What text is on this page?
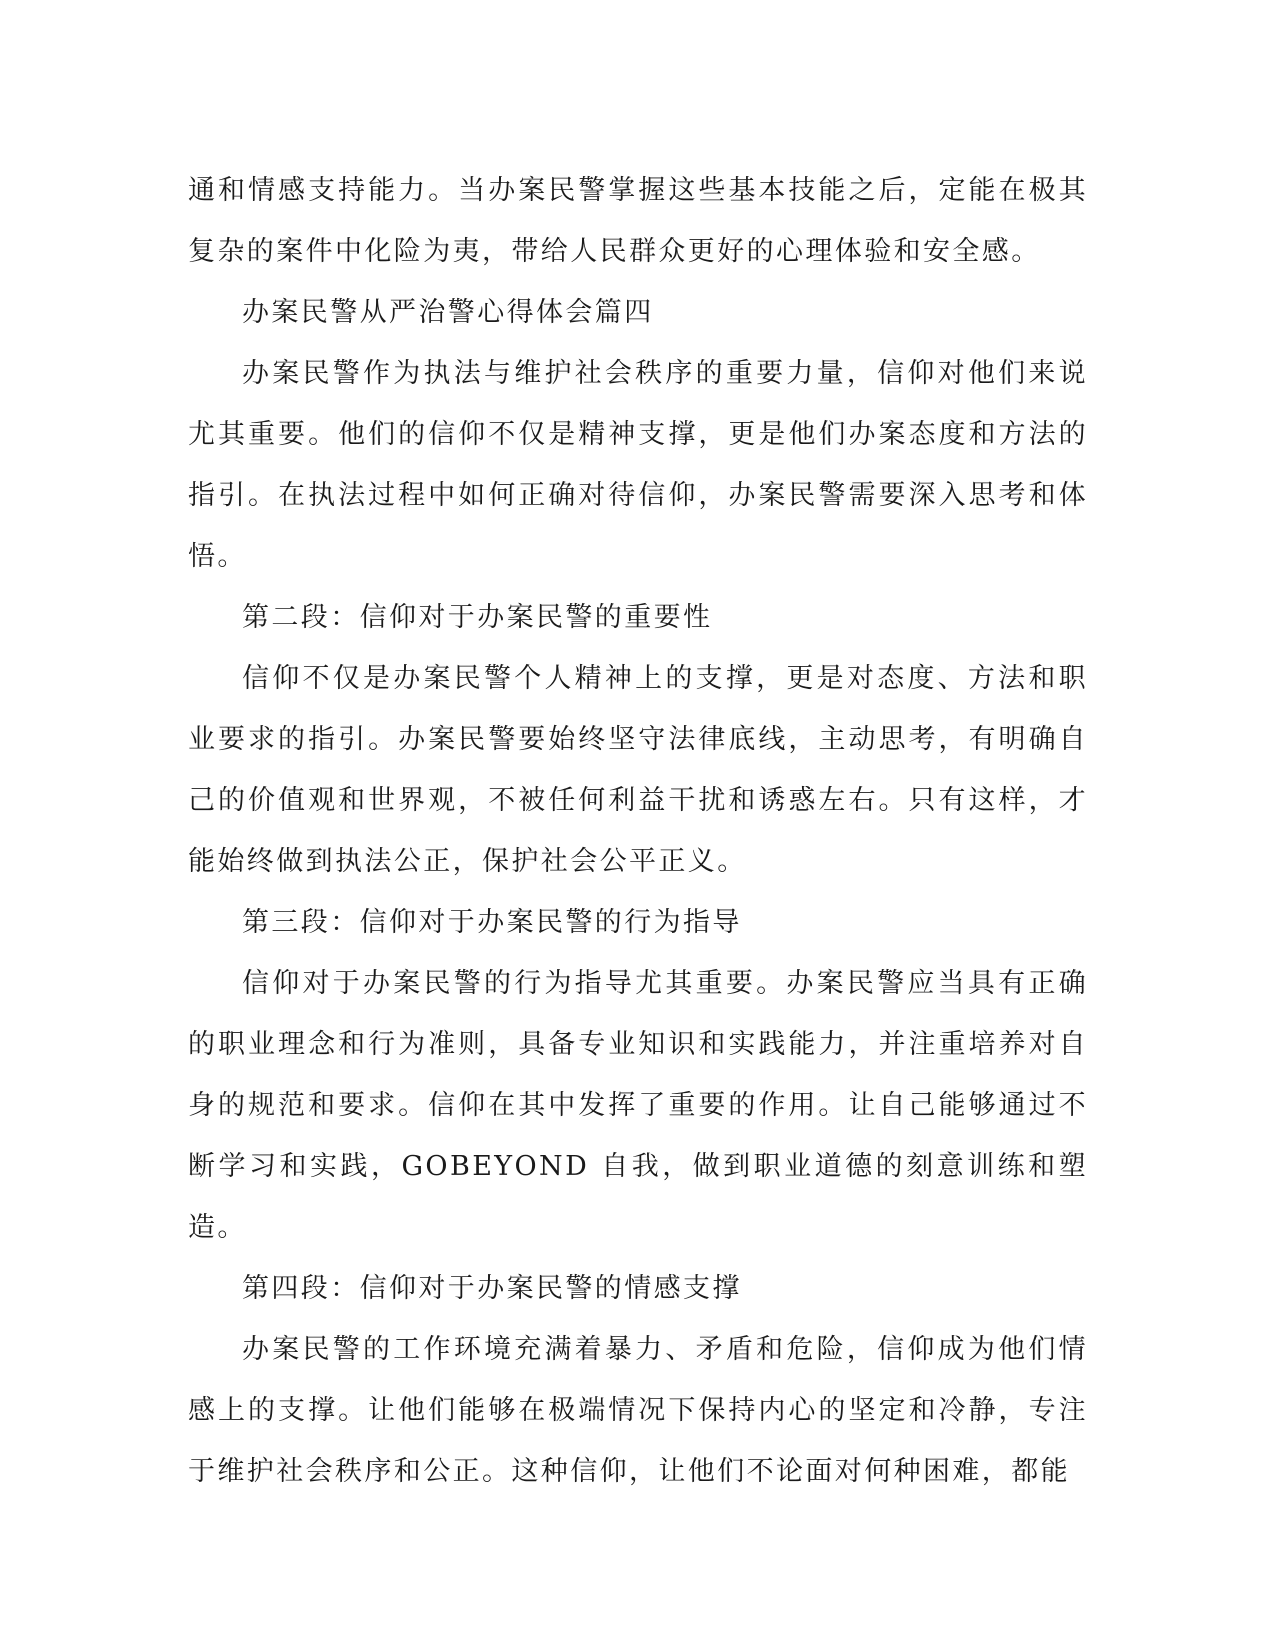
通和情感支持能力。当办案民警掌握这些基本技能之后，定能在极其复杂的案件中化险为夷，带给人民群众更好的心理体验和安全感。

办案民警从严治警心得体会篇四

办案民警作为执法与维护社会秩序的重要力量，信仰对他们来说尤其重要。他们的信仰不仅是精神支撑，更是他们办案态度和方法的指引。在执法过程中如何正确对待信仰，办案民警需要深入思考和体悟。

第二段：信仰对于办案民警的重要性

信仰不仅是办案民警个人精神上的支撑，更是对态度、方法和职业要求的指引。办案民警要始终坚守法律底线，主动思考，有明确自己的价值观和世界观，不被任何利益干扰和诱惑左右。只有这样，才能始终做到执法公正，保护社会公平正义。

第三段：信仰对于办案民警的行为指导

信仰对于办案民警的行为指导尤其重要。办案民警应当具有正确的职业理念和行为准则，具备专业知识和实践能力，并注重培养对自身的规范和要求。信仰在其中发挥了重要的作用。让自己能够通过不断学习和实践，GOBEYOND 自我，做到职业道德的刻意训练和塑造。

第四段：信仰对于办案民警的情感支撑

办案民警的工作环境充满着暴力、矛盾和危险，信仰成为他们情感上的支撑。让他们能够在极端情况下保持内心的坚定和冷静，专注于维护社会秩序和公正。这种信仰，让他们不论面对何种困难，都能
